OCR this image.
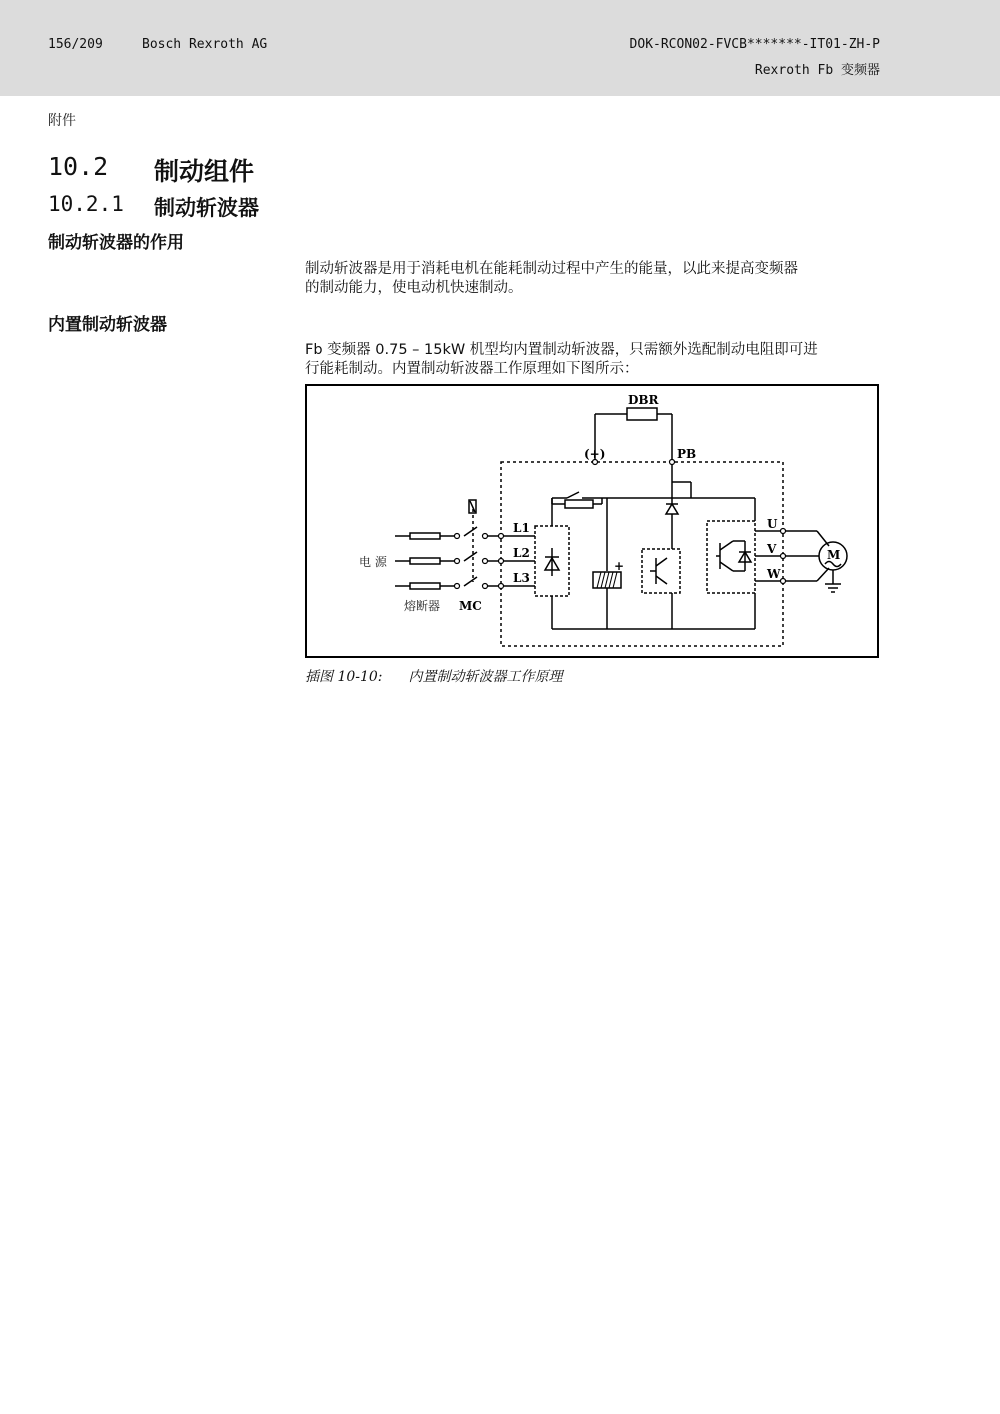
156/209	Bosch Rexroth AG	DOK-RCON02-FVCB*******-IT01-ZH-P
Rexroth Fb 变频器
附件
10.2 制动组件
10.2.1 制动斩波器
制动斩波器的作用
制动斩波器是用于消耗电机在能耗制动过程中产生的能量，以此来提高变频器
的制动能力，使电动机快速制动。
内置制动斩波器
Fb 变频器 0.75 – 15kW 机型均内置制动斩波器，只需额外选配制动电阻即可进
行能耗制动。内置制动斩波器工作原理如下图所示：
DBR
(+)	PB
L1
L2
L3
U
V
W
M
MC
+
电 源
熔断器
插图 10-10: 内置制动斩波器工作原理
